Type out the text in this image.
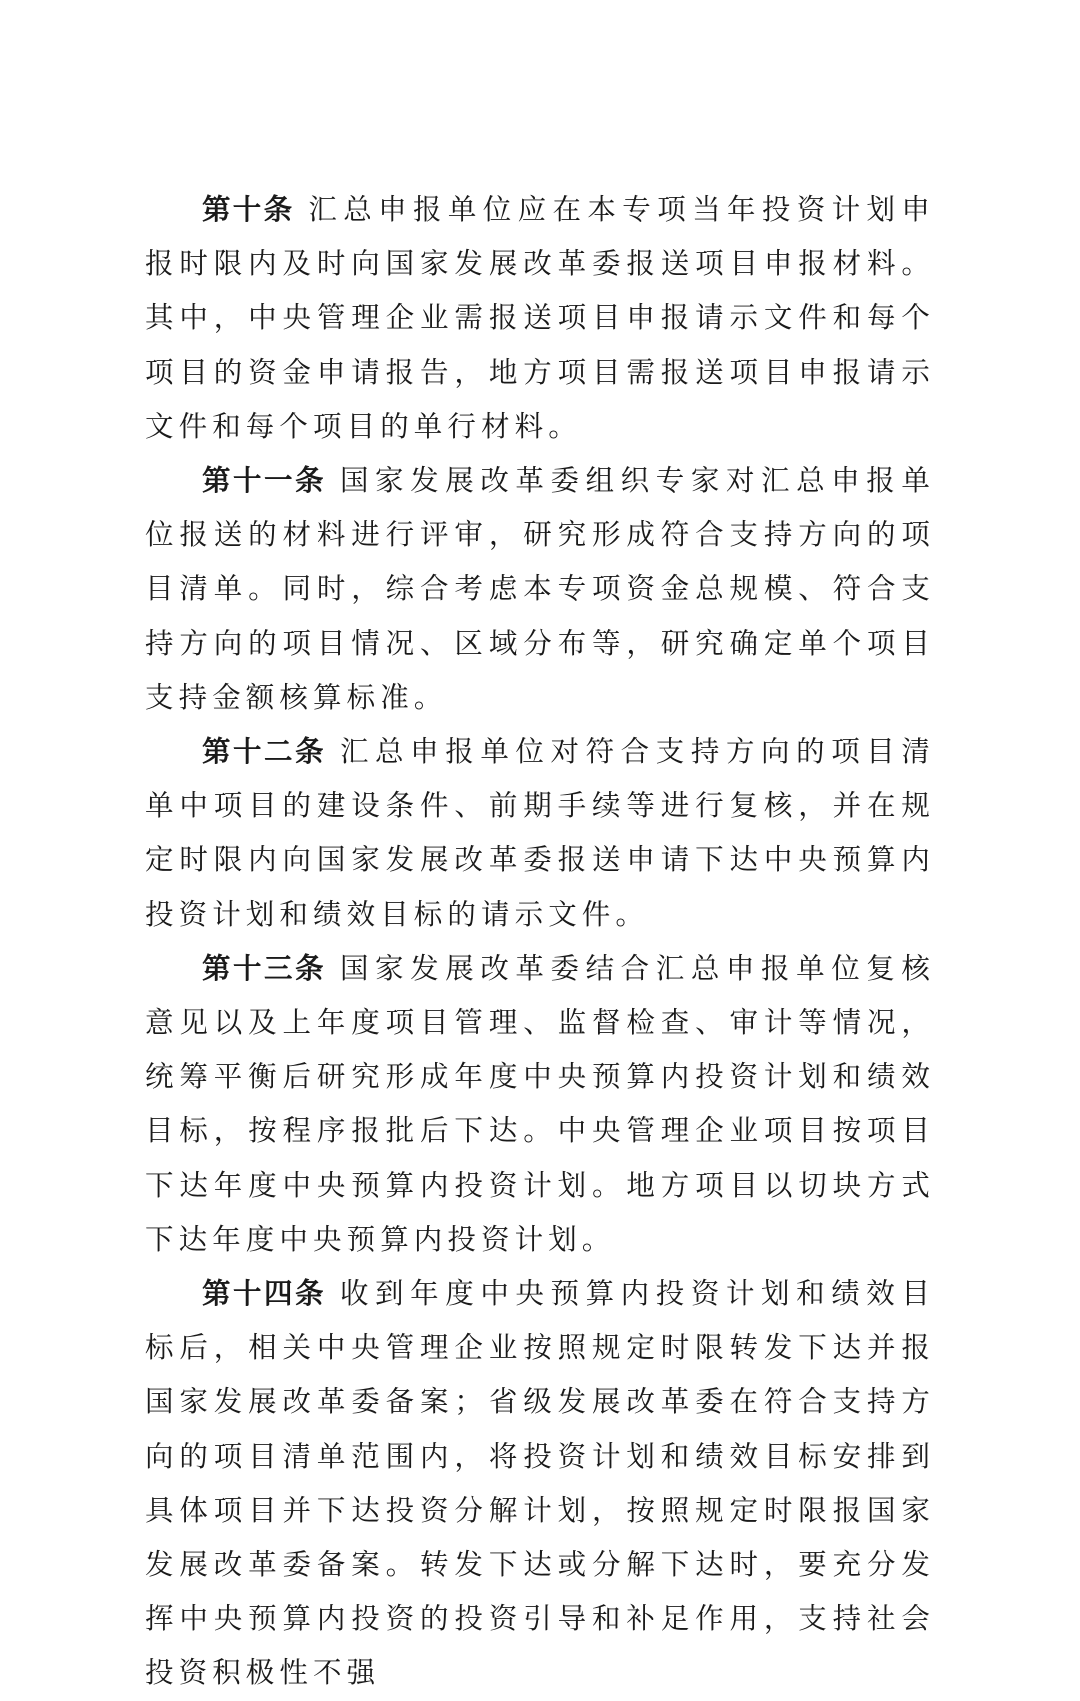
第十条 汇总申报单位应在本专项当年投资计划申报时限内及时向国家发展改革委报送项目申报材料。其中，中央管理企业需报送项目申报请示文件和每个项目的资金申请报告，地方项目需报送项目申报请示文件和每个项目的单行材料。

第十一条 国家发展改革委组织专家对汇总申报单位报送的材料进行评审，研究形成符合支持方向的项目清单。同时，综合考虑本专项资金总规模、符合支持方向的项目情况、区域分布等，研究确定单个项目支持金额核算标准。

第十二条 汇总申报单位对符合支持方向的项目清单中项目的建设条件、前期手续等进行复核，并在规定时限内向国家发展改革委报送申请下达中央预算内投资计划和绩效目标的请示文件。

第十三条 国家发展改革委结合汇总申报单位复核意见以及上年度项目管理、监督检查、审计等情况，统筹平衡后研究形成年度中央预算内投资计划和绩效目标，按程序报批后下达。中央管理企业项目按项目下达年度中央预算内投资计划。地方项目以切块方式下达年度中央预算内投资计划。

第十四条 收到年度中央预算内投资计划和绩效目标后，相关中央管理企业按照规定时限转发下达并报国家发展改革委备案；省级发展改革委在符合支持方向的项目清单范围内，将投资计划和绩效目标安排到具体项目并下达投资分解计划，按照规定时限报国家发展改革委备案。转发下达或分解下达时，要充分发挥中央预算内投资的投资引导和补足作用，支持社会投资积极性不强
